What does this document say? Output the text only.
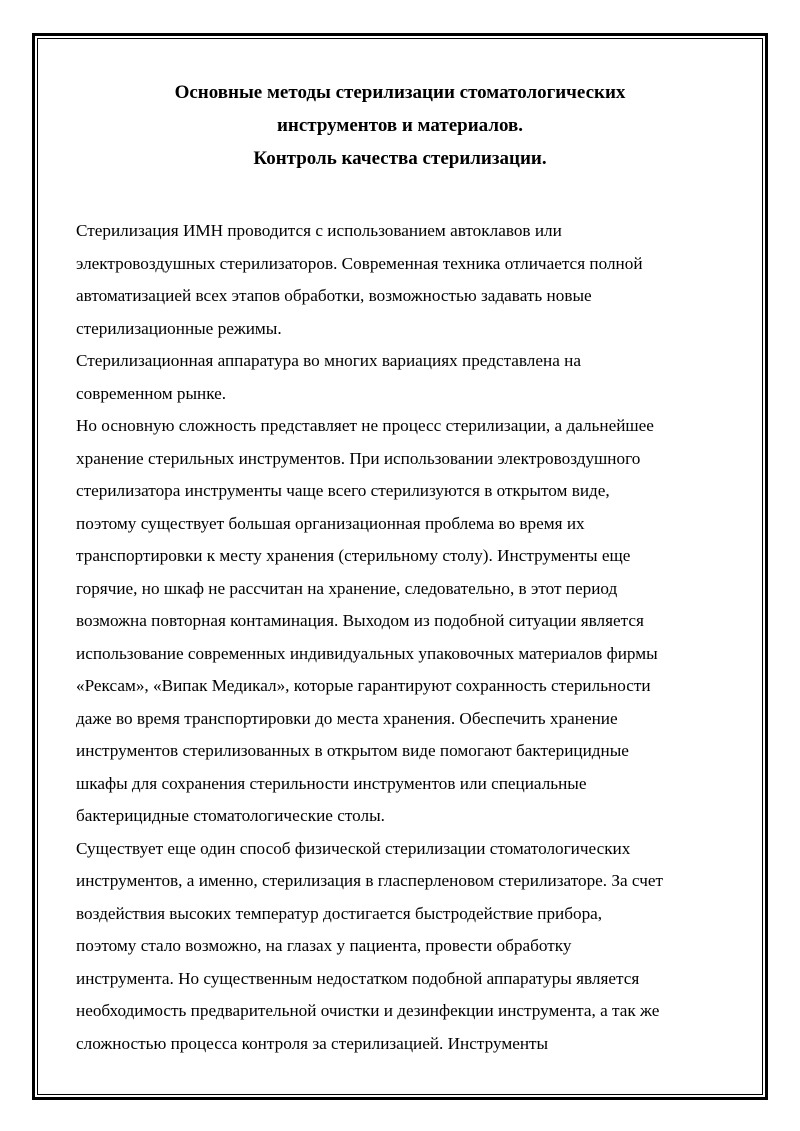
Основные методы стерилизации стоматологических
инструментов и материалов.
Контроль качества стерилизации.
Стерилизация ИМН проводится с использованием автоклавов или
электровоздушных стерилизаторов. Современная техника отличается полной
автоматизацией всех этапов обработки, возможностью задавать новые
стерилизационные режимы.
Стерилизационная аппаратура во многих вариациях представлена на
современном рынке.
Но основную сложность представляет не процесс стерилизации, а дальнейшее
хранение стерильных инструментов. При использовании электровоздушного
стерилизатора инструменты чаще всего стерилизуются в открытом виде,
поэтому существует большая организационная проблема во время их
транспортировки к месту хранения (стерильному столу). Инструменты еще
горячие, но шкаф не рассчитан на хранение, следовательно, в этот период
возможна повторная контаминация. Выходом из подобной ситуации является
использование современных индивидуальных упаковочных материалов фирмы
«Рексам», «Випак Медикал», которые гарантируют сохранность стерильности
даже во время транспортировки до места хранения. Обеспечить хранение
инструментов стерилизованных в открытом виде помогают бактерицидные
шкафы для сохранения стерильности инструментов или специальные
бактерицидные стоматологические столы.
Существует еще один способ физической стерилизации стоматологических
инструментов, а именно, стерилизация в гласперленовом стерилизаторе. За счет
воздействия высоких температур достигается быстродействие прибора,
поэтому стало возможно, на глазах у пациента, провести обработку
инструмента. Но существенным недостатком подобной аппаратуры является
необходимость предварительной очистки и дезинфекции инструмента, а так же
сложностью процесса контроля за стерилизацией. Инструменты
